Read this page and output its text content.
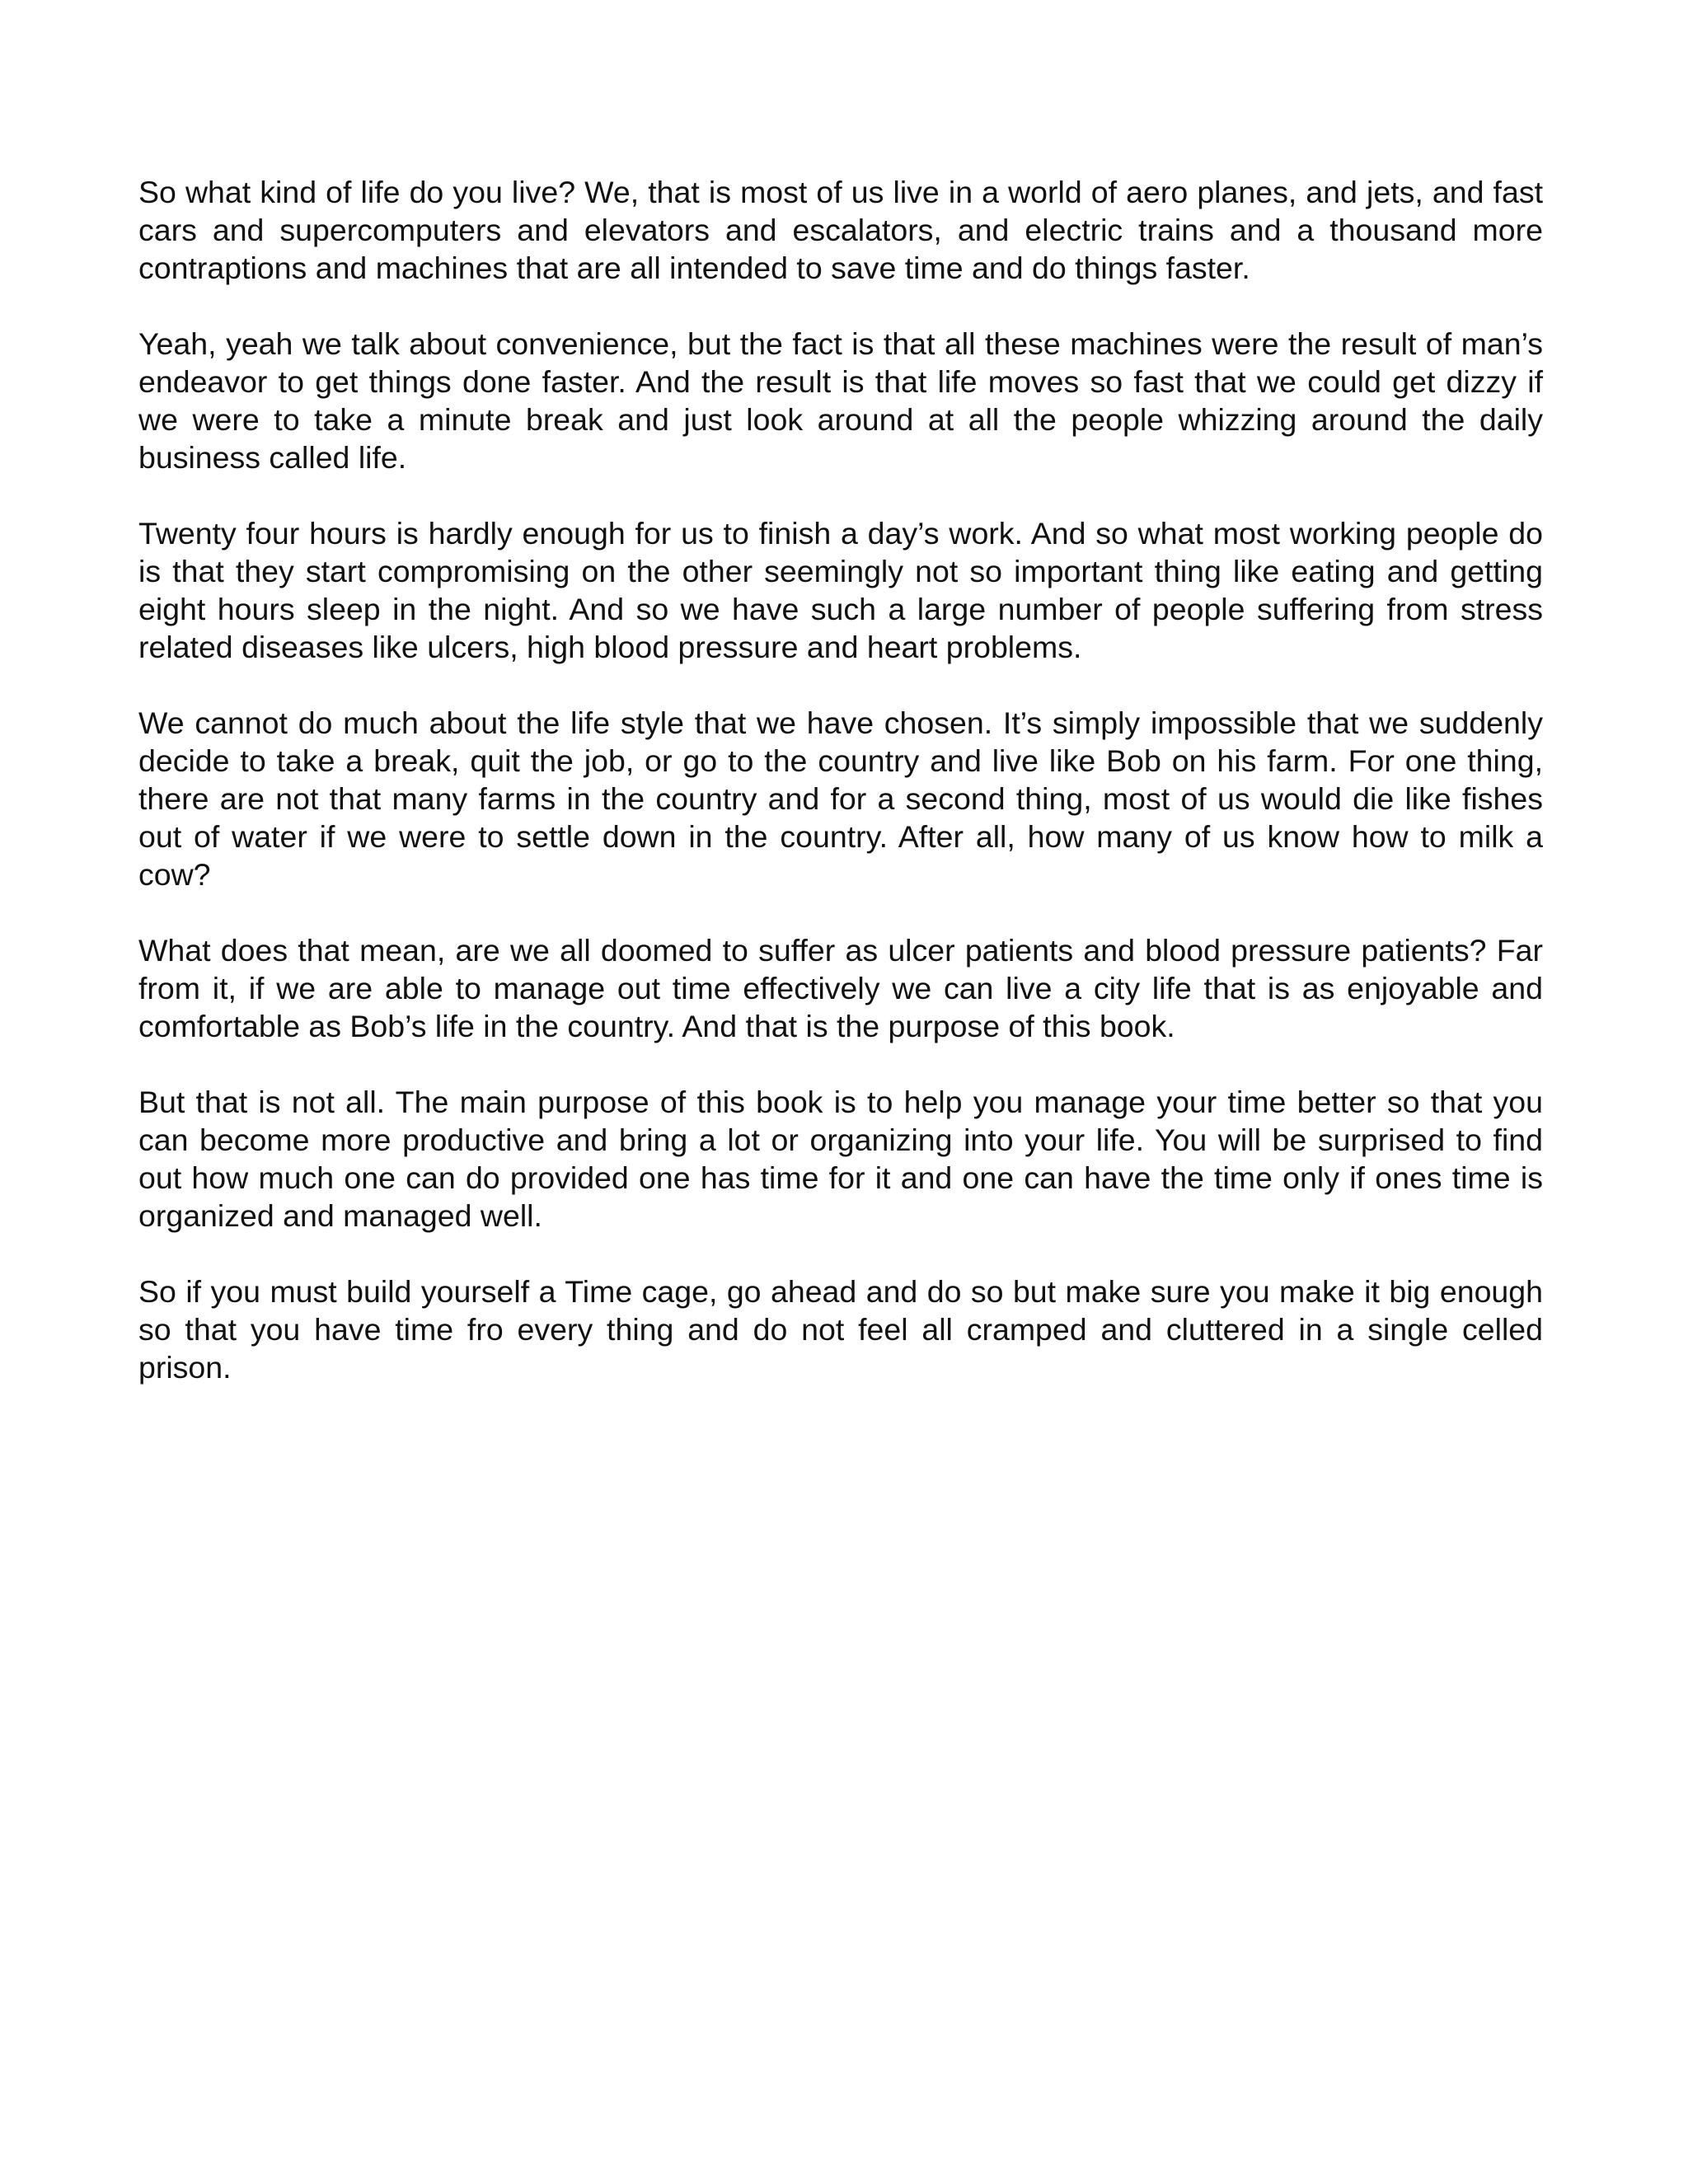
So what kind of life do you live? We, that is most of us live in a world of aero planes, and jets, and fast cars and supercomputers and elevators and escalators, and electric trains and a thousand more contraptions and machines that are all intended to save time and do things faster.

Yeah, yeah we talk about convenience, but the fact is that all these machines were the result of man’s endeavor to get things done faster. And the result is that life moves so fast that we could get dizzy if we were to take a minute break and just look around at all the people whizzing around the daily business called life.

Twenty four hours is hardly enough for us to finish a day’s work. And so what most working people do is that they start compromising on the other seemingly not so important thing like eating and getting eight hours sleep in the night. And so we have such a large number of people suffering from stress related diseases like ulcers, high blood pressure and heart problems.

We cannot do much about the life style that we have chosen. It’s simply impossible that we suddenly decide to take a break, quit the job, or go to the country and live like Bob on his farm. For one thing, there are not that many farms in the country and for a second thing, most of us would die like fishes out of water if we were to settle down in the country. After all, how many of us know how to milk a cow?

What does that mean, are we all doomed to suffer as ulcer patients and blood pressure patients? Far from it, if we are able to manage out time effectively we can live a city life that is as enjoyable and comfortable as Bob’s life in the country. And that is the purpose of this book.

But that is not all. The main purpose of this book is to help you manage your time better so that you can become more productive and bring a lot or organizing into your life. You will be surprised to find out how much one can do provided one has time for it and one can have the time only if ones time is organized and managed well.

So if you must build yourself a Time cage, go ahead and do so but make sure you make it big enough so that you have time fro every thing and do not feel all cramped and cluttered in a single celled prison.
